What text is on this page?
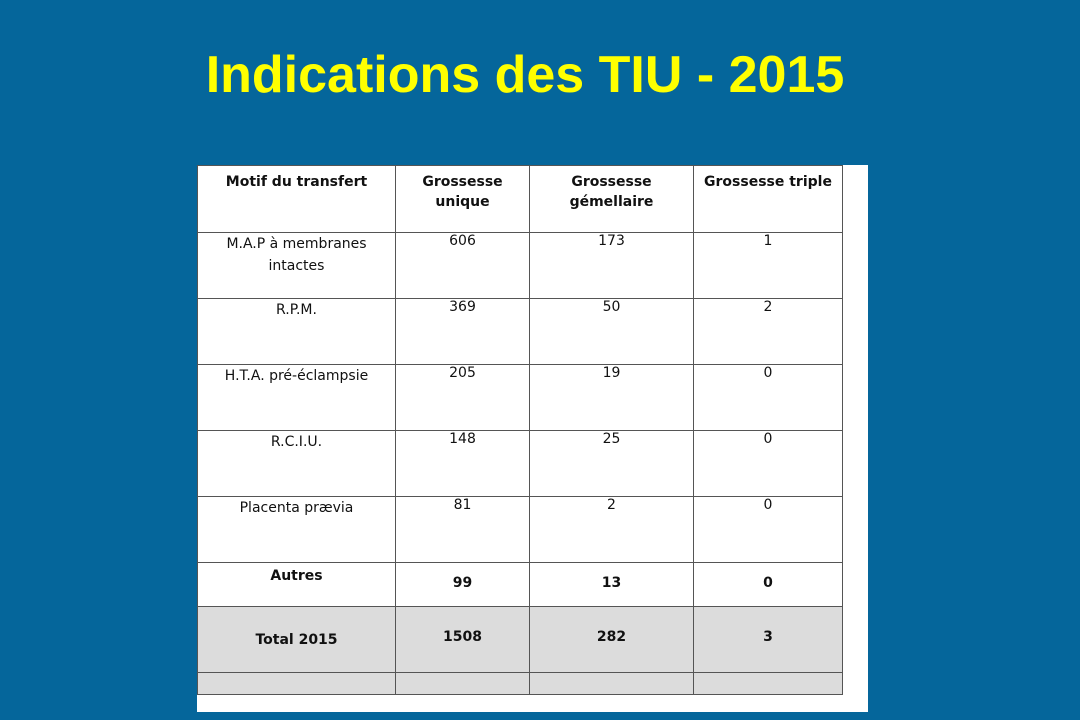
Indications des TIU - 2015
Motif du transfert	Grossesse unique	Grossesse gémellaire	Grossesse triple
M.A.P à membranes intactes	606	173	1
R.P.M.	369	50	2
H.T.A. pré-éclampsie	205	19	0
R.C.I.U.	148	25	0
Placenta prævia	81	2	0
Autres	99	13	0
Total 2015	1508	282	3
